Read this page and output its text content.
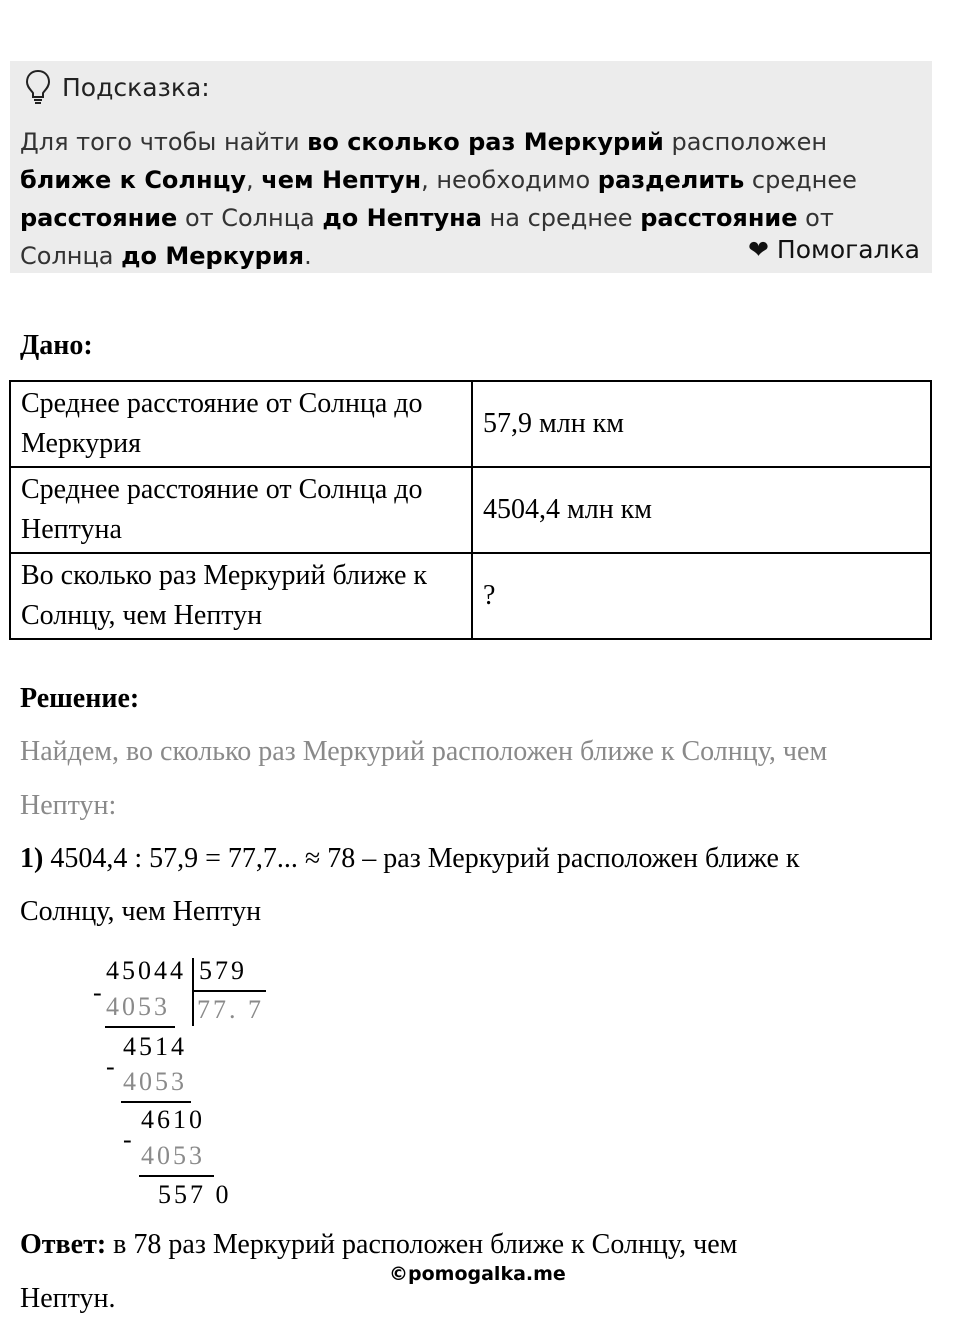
Подсказка:
Для того чтобы найти во сколько раз Меркурий расположен ближе к Солнцу, чем Нептун, необходимо разделить среднее расстояние от Солнца до Нептуна на среднее расстояние от Солнца до Меркурия.	❤ Помогалка
Дано:
Среднее расстояние от Солнца до Меркурия	57,9 млн км
Среднее расстояние от Солнца до Нептуна	4504,4 млн км
Во сколько раз Меркурий ближе к Солнцу, чем Нептун	?
Решение:
Найдем, во сколько раз Меркурий расположен ближе к Солнцу, чем
Нептун:
1) 4504,4 : 57,9 = 77,7... ≈ 78 – раз Меркурий расположен ближе к
Солнцу, чем Нептун
45044 579
- 4053 77. 7
4514
-
4053
4610
-
4053
557 0
Ответ: в 78 раз Меркурий расположен ближе к Солнцу, чем
©pomogalka.me
Нептун.
